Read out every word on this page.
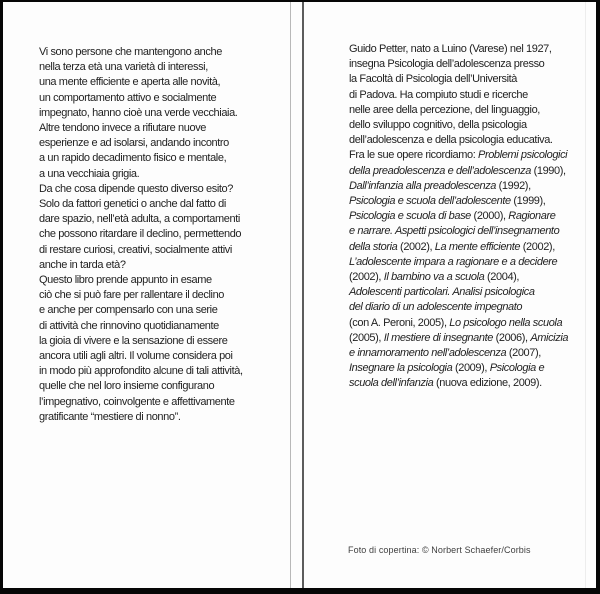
Vi sono persone che mantengono anche
nella terza età una varietà di interessi,
una mente efficiente e aperta alle novità,
un comportamento attivo e socialmente
impegnato, hanno cioè una verde vecchiaia.
Altre tendono invece a rifiutare nuove
esperienze e ad isolarsi, andando incontro
a un rapido decadimento fisico e mentale,
a una vecchiaia grigia.
Da che cosa dipende questo diverso esito?
Solo da fattori genetici o anche dal fatto di
dare spazio, nell’età adulta, a comportamenti
che possono ritardare il declino, permettendo
di restare curiosi, creativi, socialmente attivi
anche in tarda età?
Questo libro prende appunto in esame
ciò che si può fare per rallentare il declino
e anche per compensarlo con una serie
di attività che rinnovino quotidianamente
la gioia di vivere e la sensazione di essere
ancora utili agli altri. Il volume considera poi
in modo più approfondito alcune di tali attività,
quelle che nel loro insieme configurano
l’impegnativo, coinvolgente e affettivamente
gratificante “mestiere di nonno”.
Guido Petter, nato a Luino (Varese) nel 1927,
insegna Psicologia dell’adolescenza presso
la Facoltà di Psicologia dell’Università
di Padova. Ha compiuto studi e ricerche
nelle aree della percezione, del linguaggio,
dello sviluppo cognitivo, della psicologia
dell’adolescenza e della psicologia educativa.
Fra le sue opere ricordiamo: Problemi psicologici
della preadolescenza e dell’adolescenza (1990),
Dall’infanzia alla preadolescenza (1992),
Psicologia e scuola dell’adolescente (1999),
Psicologia e scuola di base (2000), Ragionare
e narrare. Aspetti psicologici dell’insegnamento
della storia (2002), La mente efficiente (2002),
L’adolescente impara a ragionare e a decidere
(2002), Il bambino va a scuola (2004),
Adolescenti particolari. Analisi psicologica
del diario di un adolescente impegnato
(con A. Peroni, 2005), Lo psicologo nella scuola
(2005), Il mestiere di insegnante (2006), Amicizia
e innamoramento nell’adolescenza (2007),
Insegnare la psicologia (2009), Psicologia e
scuola dell’infanzia (nuova edizione, 2009).
Foto di copertina: © Norbert Schaefer/Corbis
